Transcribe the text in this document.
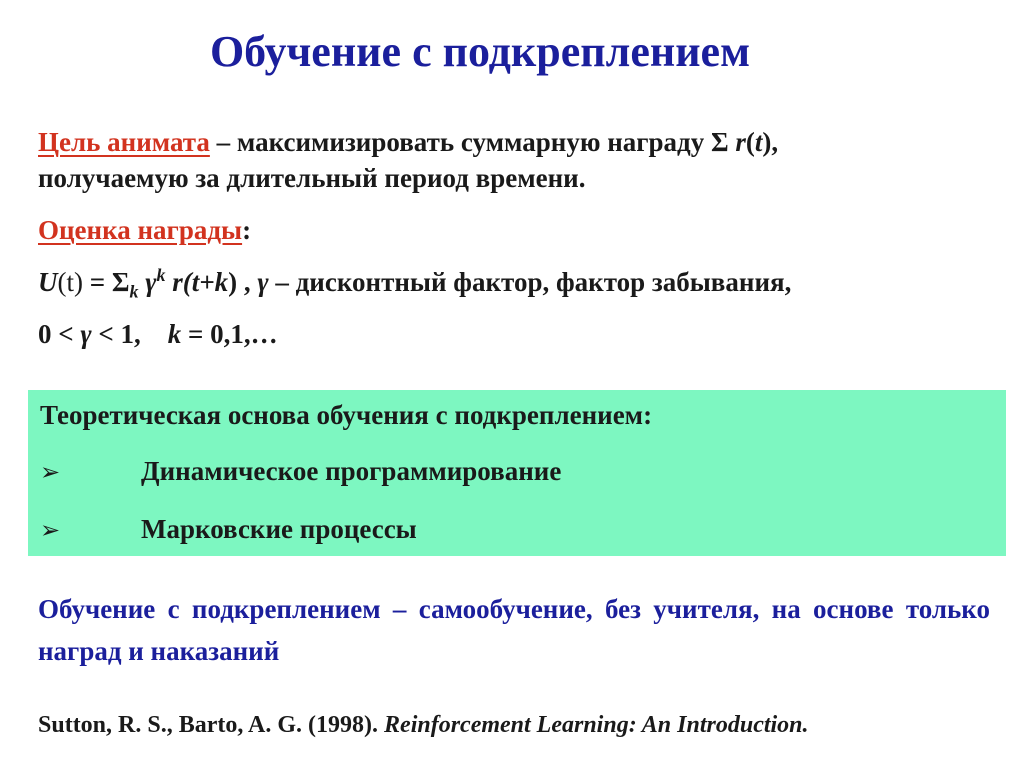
Обучение с подкреплением
Цель анимата – максимизировать суммарную награду Σ r(t),
получаемую за длительный период времени.
Оценка награды:
$U(t) = \Sigma_k$ $\gamma^k$ r(t+k) , γ – дисконтный фактор, фактор забывания,
0 < γ < 1,    k = 0,1,…
Теоретическая основа обучения с подкреплением:
➢	Динамическое программирование
➢	Марковские процессы
Обучение с подкреплением – самообучение, без учителя, на основе только наград и наказаний
Sutton, R. S., Barto, A. G. (1998). Reinforcement Learning: An Introduction.
